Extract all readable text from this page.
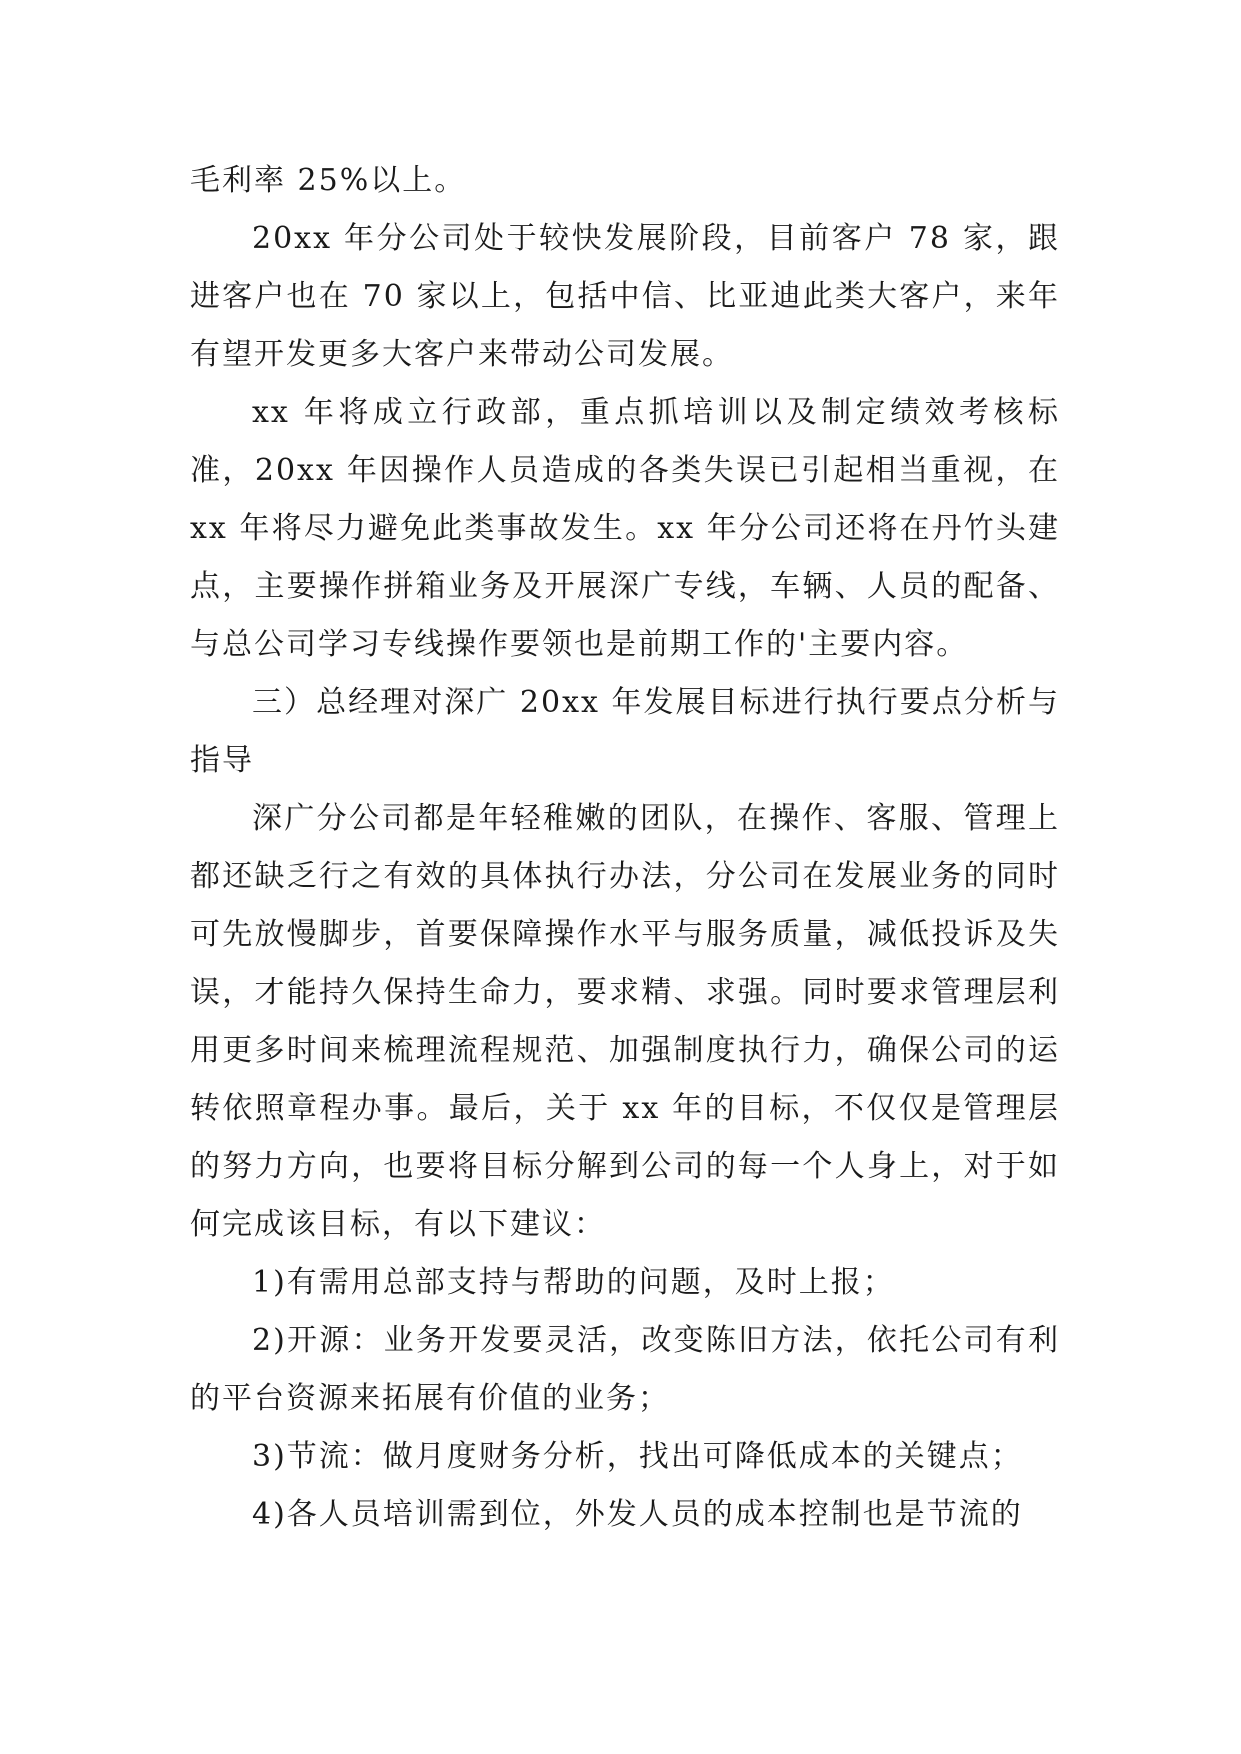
毛利率 25%以上。

20xx 年分公司处于较快发展阶段，目前客户 78 家，跟进客户也在 70 家以上，包括中信、比亚迪此类大客户，来年有望开发更多大客户来带动公司发展。

xx 年将成立行政部，重点抓培训以及制定绩效考核标准，20xx 年因操作人员造成的各类失误已引起相当重视，在 xx 年将尽力避免此类事故发生。xx 年分公司还将在丹竹头建点，主要操作拼箱业务及开展深广专线，车辆、人员的配备、与总公司学习专线操作要领也是前期工作的'主要内容。

三）总经理对深广 20xx 年发展目标进行执行要点分析与指导

深广分公司都是年轻稚嫩的团队，在操作、客服、管理上都还缺乏行之有效的具体执行办法，分公司在发展业务的同时可先放慢脚步，首要保障操作水平与服务质量，减低投诉及失误，才能持久保持生命力，要求精、求强。同时要求管理层利用更多时间来梳理流程规范、加强制度执行力，确保公司的运转依照章程办事。最后，关于 xx 年的目标，不仅仅是管理层的努力方向，也要将目标分解到公司的每一个人身上，对于如何完成该目标，有以下建议：

1)有需用总部支持与帮助的问题，及时上报；

2)开源：业务开发要灵活，改变陈旧方法，依托公司有利的平台资源来拓展有价值的业务；

3)节流：做月度财务分析，找出可降低成本的关键点；

4)各人员培训需到位，外发人员的成本控制也是节流的
